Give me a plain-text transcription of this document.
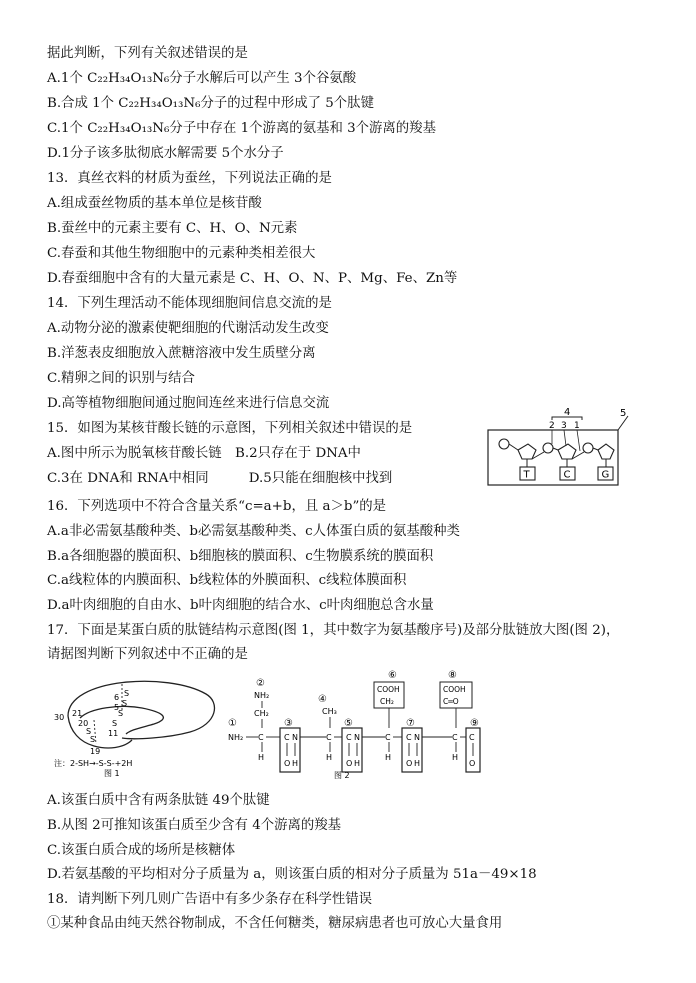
据此判断，下列有关叙述错误的是
A.1个 C₂₂H₃₄O₁₃N₆分子水解后可以产生 3个谷氨酸
B.合成 1个 C₂₂H₃₄O₁₃N₆分子的过程中形成了 5个肽键
C.1个 C₂₂H₃₄O₁₃N₆分子中存在 1个游离的氨基和 3个游离的羧基
D.1分子该多肽彻底水解需要 5个水分子
13．真丝衣料的材质为蚕丝，下列说法正确的是
A.组成蚕丝物质的基本单位是核苷酸
B.蚕丝中的元素主要有 C、H、O、N元素
C.春蚕和其他生物细胞中的元素种类相差很大
D.春蚕细胞中含有的大量元素是 C、H、O、N、P、Mg、Fe、Zn等
14．下列生理活动不能体现细胞间信息交流的是
A.动物分泌的激素使靶细胞的代谢活动发生改变
B.洋葱表皮细胞放入蔗糖溶液中发生质壁分离
C.精卵之间的识别与结合
D.高等植物细胞间通过胞间连丝来进行信息交流
15．如图为某核苷酸长链的示意图，下列相关叙述中错误的是
A.图中所示为脱氧核苷酸长链　B.2只存在于 DNA中
C.3在 DNA和 RNA中相同　　　D.5只能在细胞核中找到
16．下列选项中不符合含量关系“c=a+b，且 a＞b”的是
A.a非必需氨基酸种类、b必需氨基酸种类、c人体蛋白质的氨基酸种类
B.a各细胞器的膜面积、b细胞核的膜面积、c生物膜系统的膜面积
C.a线粒体的内膜面积、b线粒体的外膜面积、c线粒体膜面积
D.a叶肉细胞的自由水、b叶肉细胞的结合水、c叶肉细胞总含水量
17．下面是某蛋白质的肽链结构示意图(图 1，其中数字为氨基酸序号)及部分肽链放大图(图 2)，
请据图判断下列叙述中不正确的是
5
4
2 3 1
T	C	G
S
S
S
S
S
S
30 21
20
6
5
11
19
注：2-SH→-S-S-+2H
图 1
①
②
③
④
⑤
⑥
⑦
⑧
⑨
NH₂
CH₂	CH₃
COOH
CH₂
COOH
C═O
NH₂ C
H
C N
O H
C
H
C N
O H
C
H
C N
O H
C
H
C
O
图 2
A.该蛋白质中含有两条肽链 49个肽键
B.从图 2可推知该蛋白质至少含有 4个游离的羧基
C.该蛋白质合成的场所是核糖体
D.若氨基酸的平均相对分子质量为 a，则该蛋白质的相对分子质量为 51a－49×18
18．请判断下列几则广告语中有多少条存在科学性错误
①某种食品由纯天然谷物制成，不含任何糖类，糖尿病患者也可放心大量食用
